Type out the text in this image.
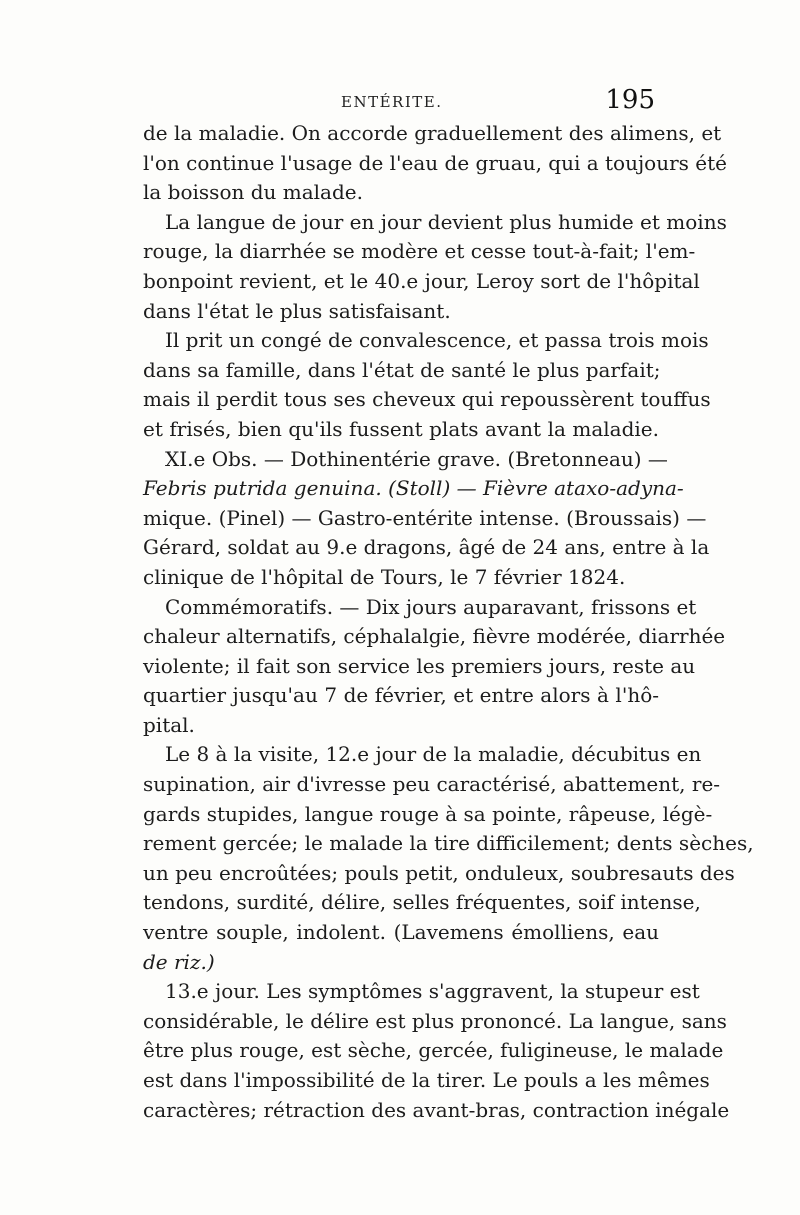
ENTÉRITE.	195
de la maladie. On accorde graduellement des alimens, et
l'on continue l'usage de l'eau de gruau, qui a toujours été
la boisson du malade.
La langue de jour en jour devient plus humide et moins
rouge, la diarrhée se modère et cesse tout-à-fait; l'em-
bonpoint revient, et le 40.e jour, Leroy sort de l'hôpital
dans l'état le plus satisfaisant.
Il prit un congé de convalescence, et passa trois mois
dans sa famille, dans l'état de santé le plus parfait;
mais il perdit tous ses cheveux qui repoussèrent touffus
et frisés, bien qu'ils fussent plats avant la maladie.
XI.e Obs. — Dothinentérie grave. (Bretonneau) —
Febris putrida genuina. (Stoll) — Fièvre ataxo-adyna-
mique. (Pinel) — Gastro-entérite intense. (Broussais) —
Gérard, soldat au 9.e dragons, âgé de 24 ans, entre à la
clinique de l'hôpital de Tours, le 7 février 1824.
Commémoratifs. — Dix jours auparavant, frissons et
chaleur alternatifs, céphalalgie, fièvre modérée, diarrhée
violente; il fait son service les premiers jours, reste au
quartier jusqu'au 7 de février, et entre alors à l'hô-
pital.
Le 8 à la visite, 12.e jour de la maladie, décubitus en
supination, air d'ivresse peu caractérisé, abattement, re-
gards stupides, langue rouge à sa pointe, râpeuse, légè-
rement gercée; le malade la tire difficilement; dents sèches,
un peu encroûtées; pouls petit, onduleux, soubresauts des
tendons, surdité, délire, selles fréquentes, soif intense,
ventre souple, indolent. (Lavemens émolliens, eau
de riz.)
13.e jour. Les symptômes s'aggravent, la stupeur est
considérable, le délire est plus prononcé. La langue, sans
être plus rouge, est sèche, gercée, fuligineuse, le malade
est dans l'impossibilité de la tirer. Le pouls a les mêmes
caractères; rétraction des avant-bras, contraction inégale
